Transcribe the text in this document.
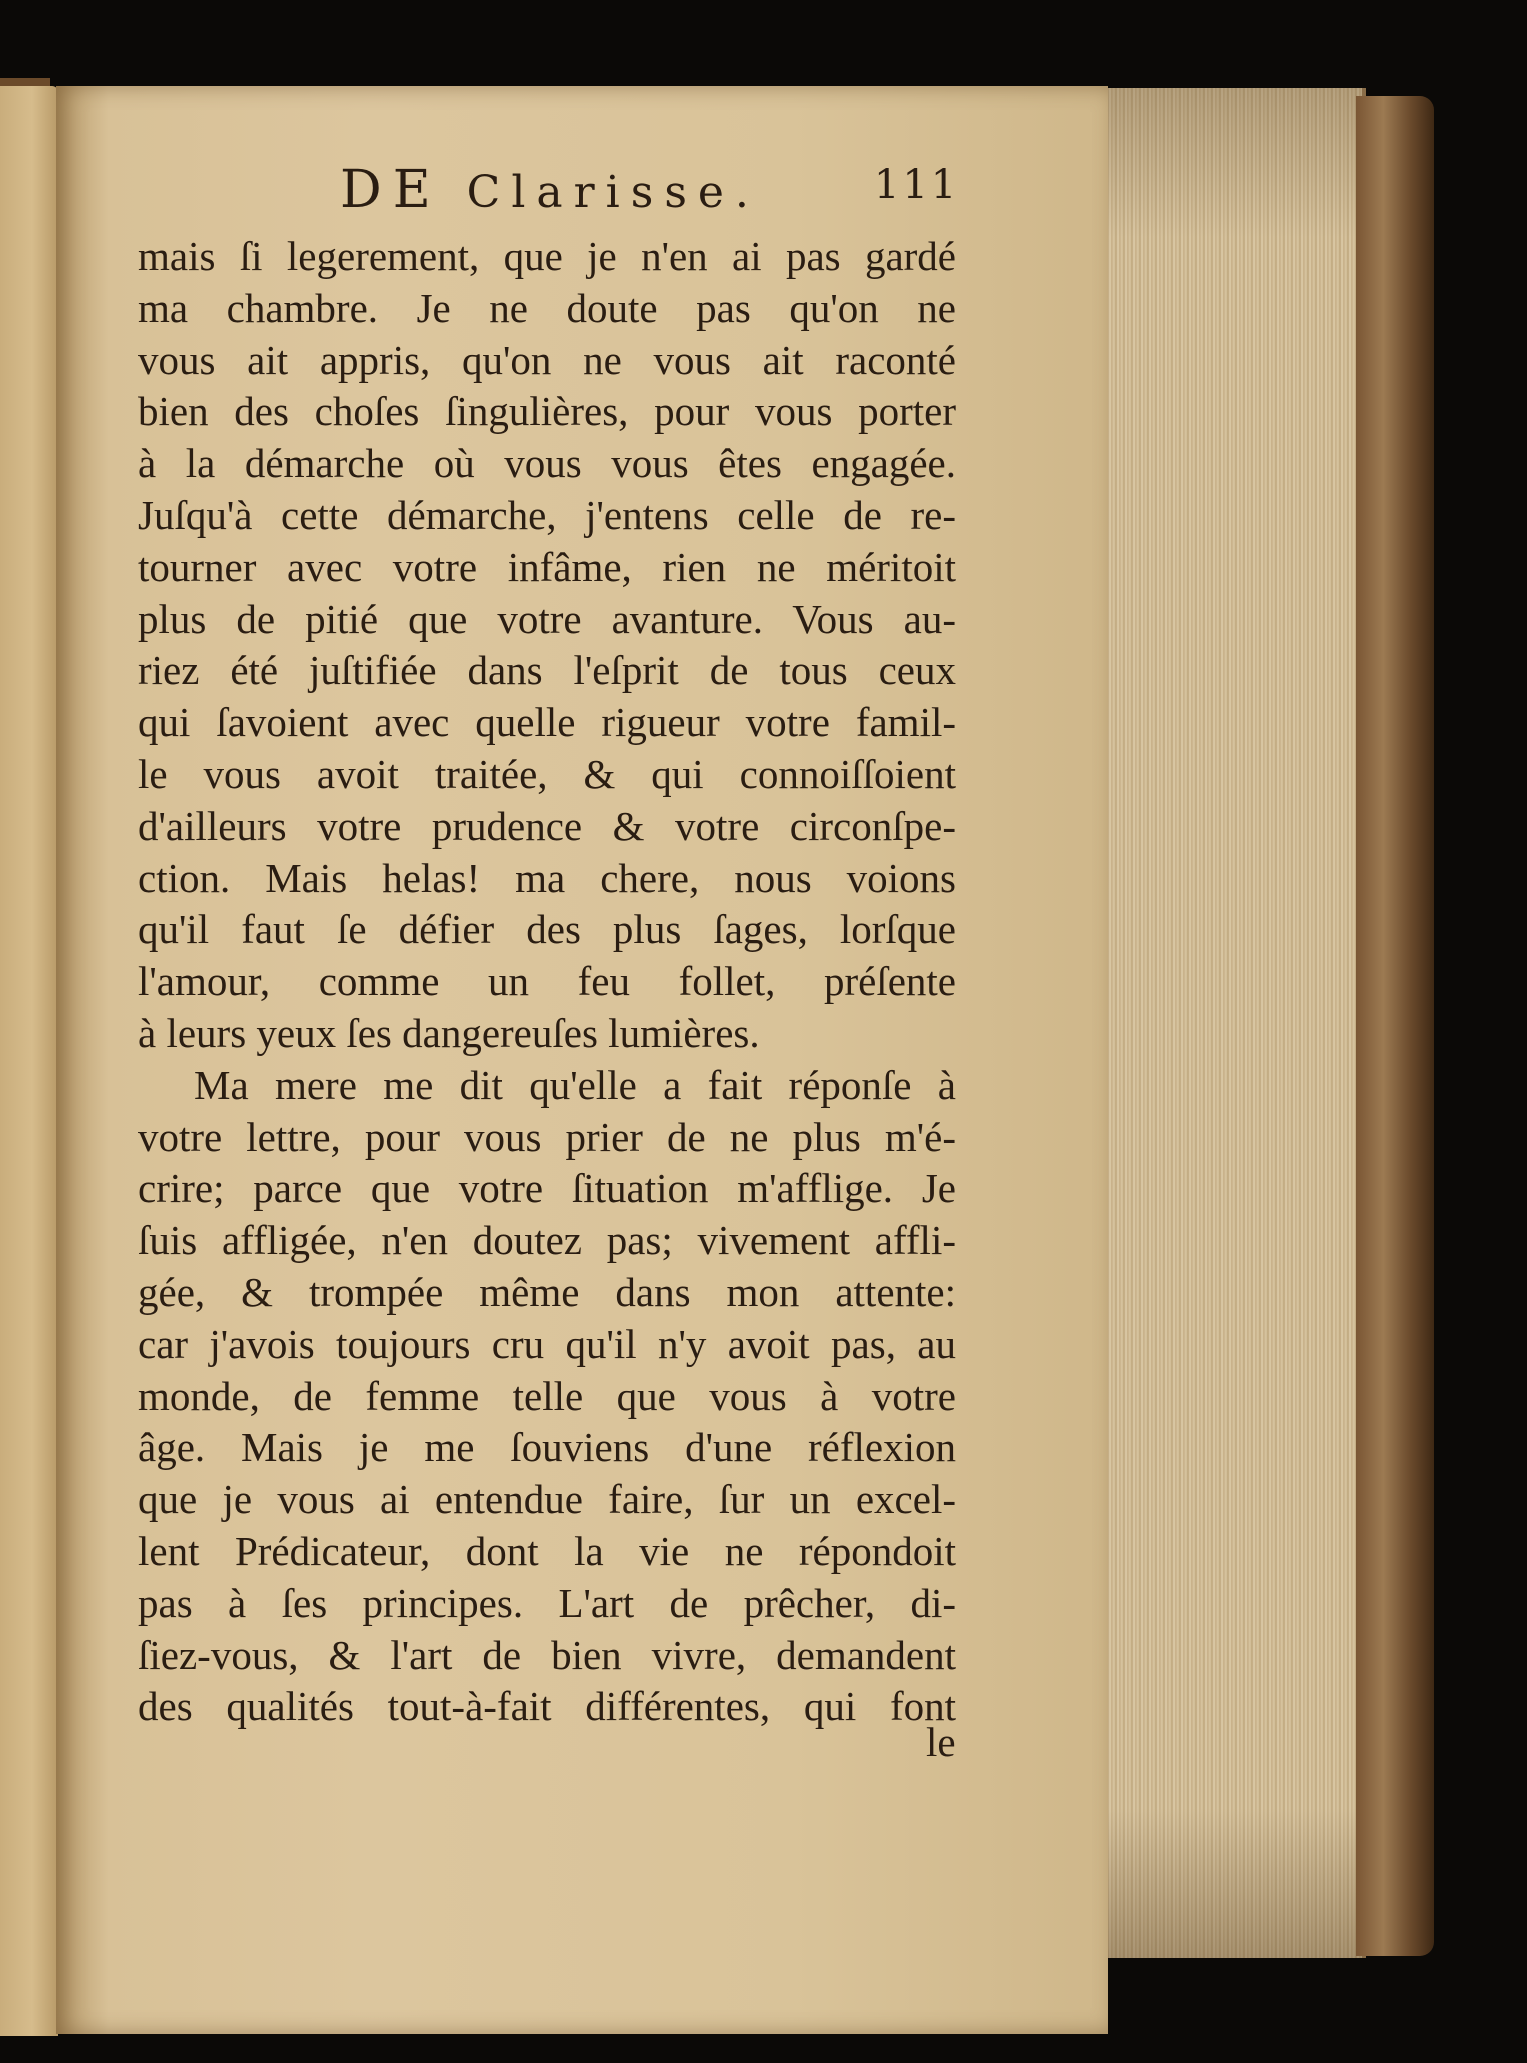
DE Clarisse.	111
mais ſi legerement, que je n'en ai pas gardé
ma chambre. Je ne doute pas qu'on ne
vous ait appris, qu'on ne vous ait raconté
bien des choſes ſingulières, pour vous porter
à la démarche où vous vous êtes engagée.
Juſqu'à cette démarche, j'entens celle de re-
tourner avec votre infâme, rien ne méritoit
plus de pitié que votre avanture. Vous au-
riez été juſtifiée dans l'eſprit de tous ceux
qui ſavoient avec quelle rigueur votre famil-
le vous avoit traitée, & qui connoiſſoient
d'ailleurs votre prudence & votre circonſpe-
ction. Mais helas! ma chere, nous voions
qu'il faut ſe défier des plus ſages, lorſque
l'amour, comme un feu follet, préſente
à leurs yeux ſes dangereuſes lumières.
Ma mere me dit qu'elle a fait réponſe à
votre lettre, pour vous prier de ne plus m'é-
crire; parce que votre ſituation m'afflige. Je
ſuis affligée, n'en doutez pas; vivement affli-
gée, & trompée même dans mon attente:
car j'avois toujours cru qu'il n'y avoit pas, au
monde, de femme telle que vous à votre
âge. Mais je me ſouviens d'une réflexion
que je vous ai entendue faire, ſur un excel-
lent Prédicateur, dont la vie ne répondoit
pas à ſes principes. L'art de prêcher, di-
ſiez-vous, & l'art de bien vivre, demandent
des qualités tout-à-fait différentes, qui font
le
